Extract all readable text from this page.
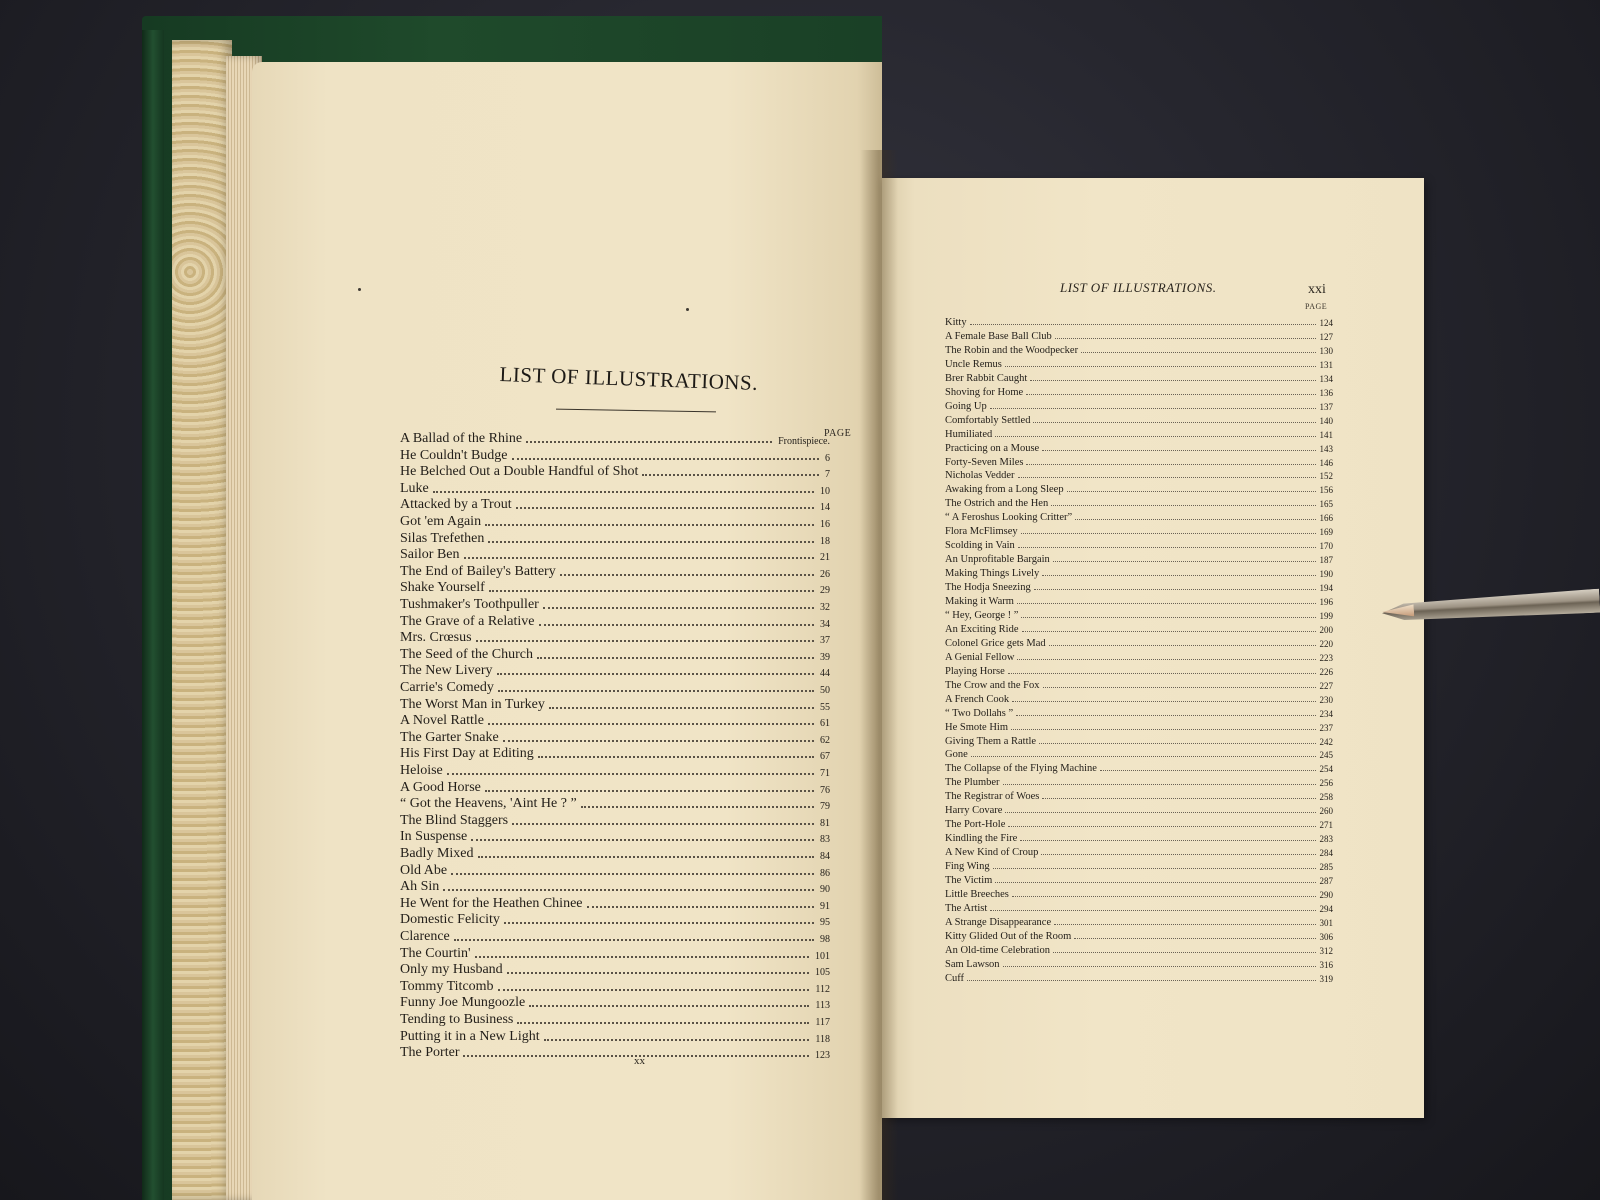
LIST OF ILLUSTRATIONS.
PAGE
A Ballad of the Rhine	Frontispiece.
He Couldn't Budge	6
He Belched Out a Double Handful of Shot	7
Luke	10
Attacked by a Trout	14
Got 'em Again	16
Silas Trefethen	18
Sailor Ben	21
The End of Bailey's Battery	26
Shake Yourself	29
Tushmaker's Toothpuller	32
The Grave of a Relative	34
Mrs. Crœsus	37
The Seed of the Church	39
The New Livery	44
Carrie's Comedy	50
The Worst Man in Turkey	55
A Novel Rattle	61
The Garter Snake	62
His First Day at Editing	67
Heloise	71
A Good Horse	76
“ Got the Heavens, 'Aint He ? ”	79
The Blind Staggers	81
In Suspense	83
Badly Mixed	84
Old Abe	86
Ah Sin	90
He Went for the Heathen Chinee	91
Domestic Felicity	95
Clarence	98
The Courtin'	101
Only my Husband	105
Tommy Titcomb	112
Funny Joe Mungoozle	113
Tending to Business	117
Putting it in a New Light	118
The Porter	123
xx
LIST OF ILLUSTRATIONS.	xxi
PAGE
Kitty	124
A Female Base Ball Club	127
The Robin and the Woodpecker	130
Uncle Remus	131
Brer Rabbit Caught	134
Shoving for Home	136
Going Up	137
Comfortably Settled	140
Humiliated	141
Practicing on a Mouse	143
Forty-Seven Miles	146
Nicholas Vedder	152
Awaking from a Long Sleep	156
The Ostrich and the Hen	165
“ A Feroshus Looking Critter”	166
Flora McFlimsey	169
Scolding in Vain	170
An Unprofitable Bargain	187
Making Things Lively	190
The Hodja Sneezing	194
Making it Warm	196
“ Hey, George ! ”	199
An Exciting Ride	200
Colonel Grice gets Mad	220
A Genial Fellow	223
Playing Horse	226
The Crow and the Fox	227
A French Cook	230
“ Two Dollahs ”	234
He Smote Him	237
Giving Them a Rattle	242
Gone	245
The Collapse of the Flying Machine	254
The Plumber	256
The Registrar of Woes	258
Harry Covare	260
The Port-Hole	271
Kindling the Fire	283
A New Kind of Croup	284
Fing Wing	285
The Victim	287
Little Breeches	290
The Artist	294
A Strange Disappearance	301
Kitty Glided Out of the Room	306
An Old-time Celebration	312
Sam Lawson	316
Cuff	319
